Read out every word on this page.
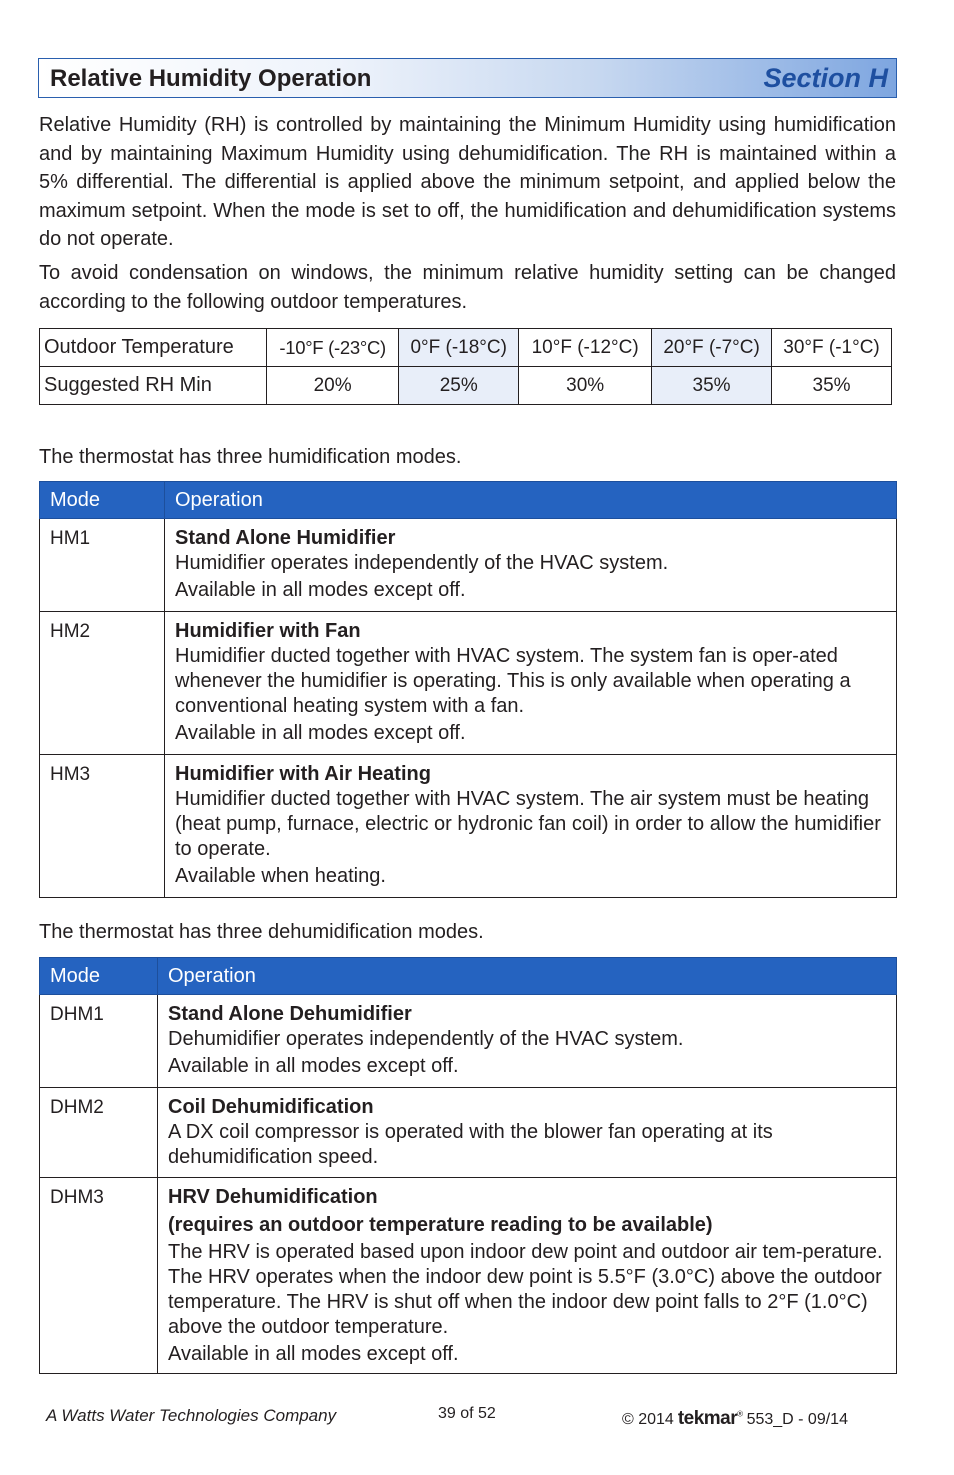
Relative Humidity Operation	Section H

Relative Humidity (RH) is controlled by maintaining the Minimum Humidity using humidification and by maintaining Maximum Humidity using dehumidification. The RH is maintained within a 5% differential. The differential is applied above the minimum setpoint, and applied below the maximum setpoint. When the mode is set to off, the humidification and dehumidification systems do not operate.

To avoid condensation on windows, the minimum relative humidity setting can be changed according to the following outdoor temperatures.

Outdoor Temperature	-10°F (-23°C)	0°F (-18°C)	10°F (-12°C)	20°F (-7°C)	30°F (-1°C)
Suggested RH Min	20%	25%	30%	35%	35%
The thermostat has three humidification modes.
Mode	Operation
HM1	Stand Alone Humidifier
Humidifier operates independently of the HVAC system.
Available in all modes except off.

HM2	Humidifier with Fan
Humidifier ducted together with HVAC system. The system fan is oper-ated whenever the humidifier is operating. This is only available when operating a conventional heating system with a fan.
Available in all modes except off.

HM3	Humidifier with Air Heating
Humidifier ducted together with HVAC system. The air system must be heating (heat pump, furnace, electric or hydronic fan coil) in order to allow the humidifier to operate.
Available when heating.
The thermostat has three dehumidification modes.
Mode	Operation
DHM1	Stand Alone Dehumidifier
Dehumidifier operates independently of the HVAC system.
Available in all modes except off.

DHM2	Coil Dehumidification
A DX coil compressor is operated with the blower fan operating at its dehumidification speed.

DHM3	HRV Dehumidification
(requires an outdoor temperature reading to be available)
The HRV is operated based upon indoor dew point and outdoor air tem-perature. The HRV operates when the indoor dew point is 5.5°F (3.0°C) above the outdoor temperature. The HRV is shut off when the indoor dew point falls to 2°F (1.0°C) above the outdoor temperature.
Available in all modes except off.
A Watts Water Technologies Company	39 of 52	© 2014 tekmar® 553_D - 09/14
